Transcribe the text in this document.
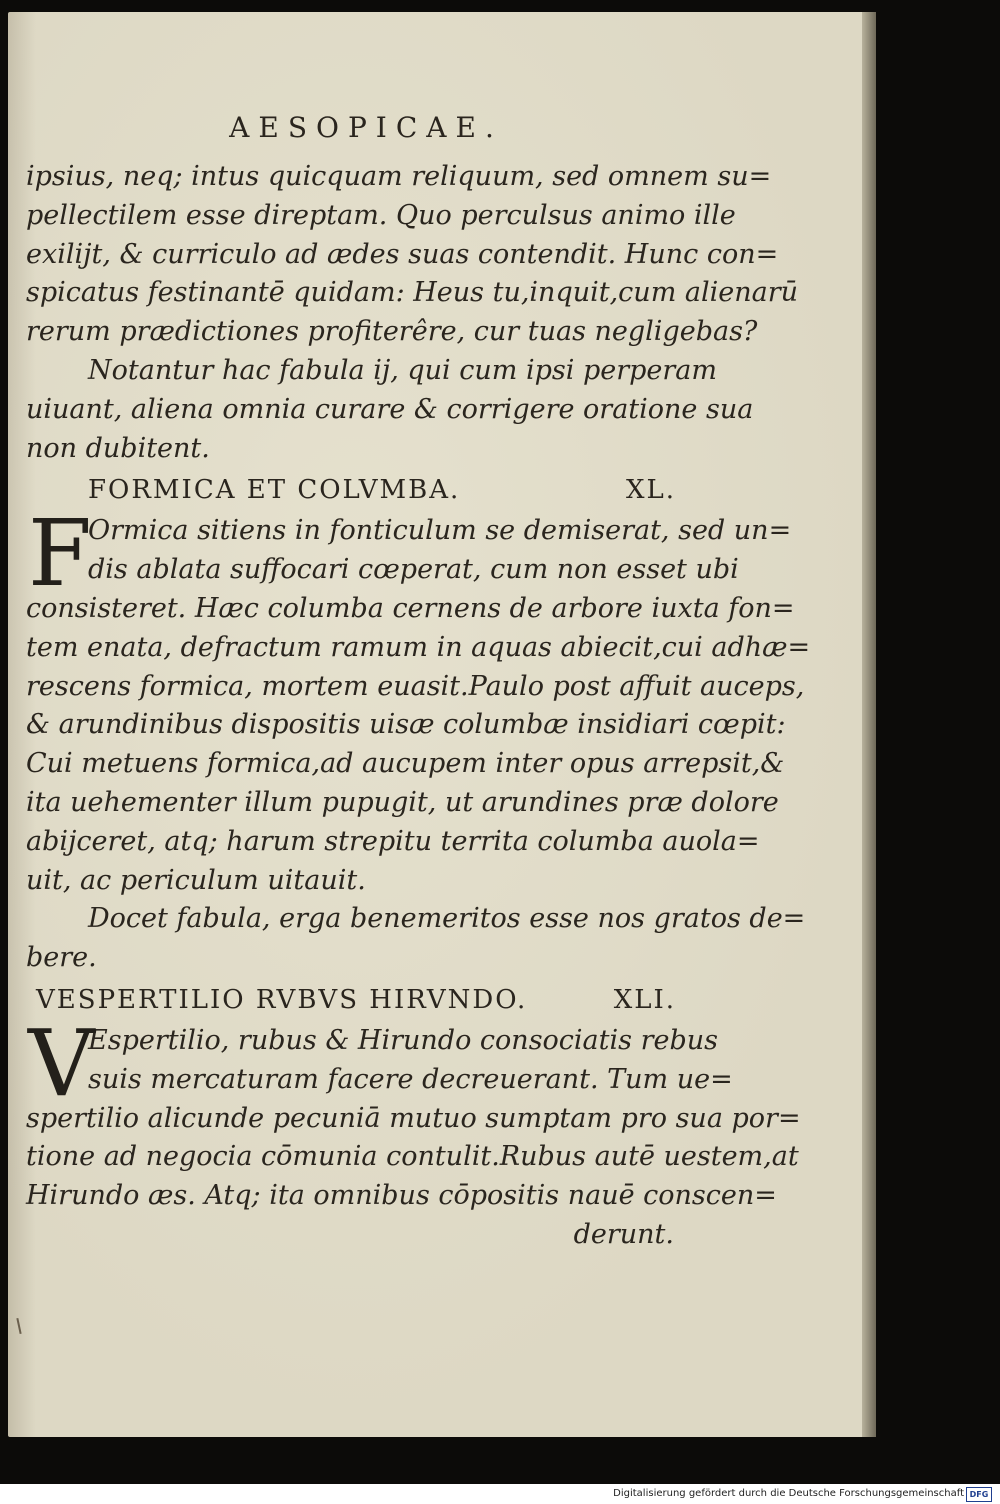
AESOPICAE.
ipsius, neq; intus quicquam reliquum, sed omnem su=
pellectilem esse direptam. Quo perculsus animo ille
exilijt, & curriculo ad ædes suas contendit. Hunc con=
spicatus festinantē quidam: Heus tu,inquit,cum alienarū
rerum prædictiones profiterêre, cur tuas negligebas?
Notantur hac fabula ij, qui cum ipsi perperam
uiuant, aliena omnia curare & corrigere oratione sua
non dubitent.
FORMICA ET COLVMBA.	XL.
F
Ormica sitiens in fonticulum se demiserat, sed un=
dis ablata suffocari cœperat, cum non esset ubi
consisteret. Hæc columba cernens de arbore iuxta fon=
tem enata, defractum ramum in aquas abiecit,cui adhæ=
rescens formica, mortem euasit.Paulo post affuit auceps,
& arundinibus dispositis uisæ columbæ insidiari cœpit:
Cui metuens formica,ad aucupem inter opus arrepsit,&
ita uehementer illum pupugit, ut arundines præ dolore
abijceret, atq; harum strepitu territa columba auola=
uit, ac periculum uitauit.
Docet fabula, erga benemeritos esse nos gratos de=
bere.
VESPERTILIO RVBVS HIRVNDO.	XLI.
V
Espertilio, rubus & Hirundo consociatis rebus
suis mercaturam facere decreuerant. Tum ue=
spertilio alicunde pecuniā mutuo sumptam pro sua por=
tione ad negocia cōmunia contulit.Rubus autē uestem,at
Hirundo æs. Atq; ita omnibus cōpositis nauē conscen=
derunt.
Digitalisierung gefördert durch die Deutsche Forschungsgemeinschaft DFG
